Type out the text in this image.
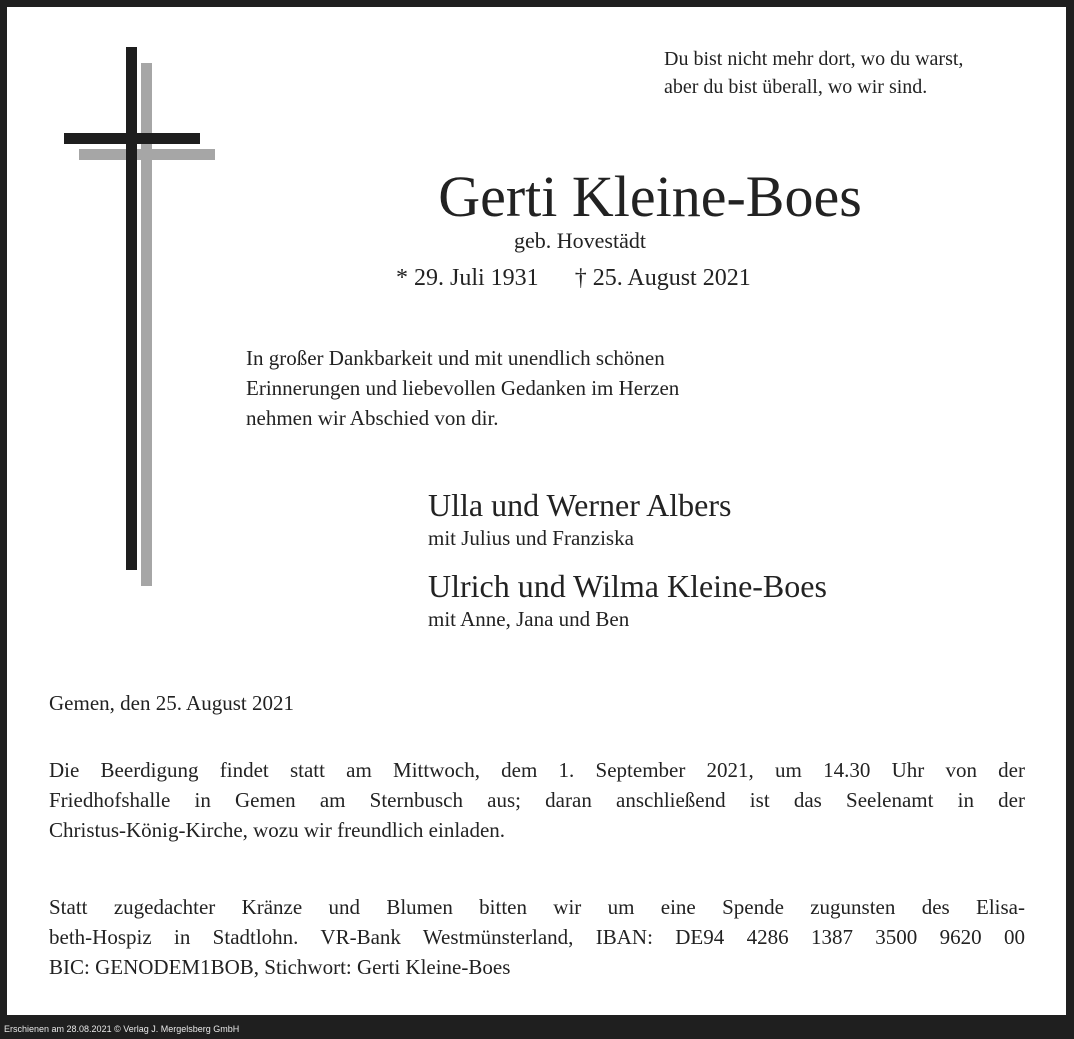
Du bist nicht mehr dort, wo du warst,
aber du bist überall, wo wir sind.
Gerti Kleine-Boes
geb. Hovestädt
* 29. Juli 1931 † 25. August 2021
In großer Dankbarkeit und mit unendlich schönen
Erinnerungen und liebevollen Gedanken im Herzen
nehmen wir Abschied von dir.
Ulla und Werner Albers
mit Julius und Franziska
Ulrich und Wilma Kleine-Boes
mit Anne, Jana und Ben
Gemen, den 25. August 2021
Die Beerdigung findet statt am Mittwoch, dem 1. September 2021, um 14.30 Uhr von der
Friedhofshalle in Gemen am Sternbusch aus; daran anschließend ist das Seelenamt in der
Christus-König-Kirche, wozu wir freundlich einladen.
Statt zugedachter Kränze und Blumen bitten wir um eine Spende zugunsten des Elisa-
beth-Hospiz in Stadtlohn. VR-Bank Westmünsterland, IBAN: DE94 4286 1387 3500 9620 00
BIC: GENODEM1BOB, Stichwort: Gerti Kleine-Boes
Erschienen am 28.08.2021 © Verlag J. Mergelsberg GmbH
